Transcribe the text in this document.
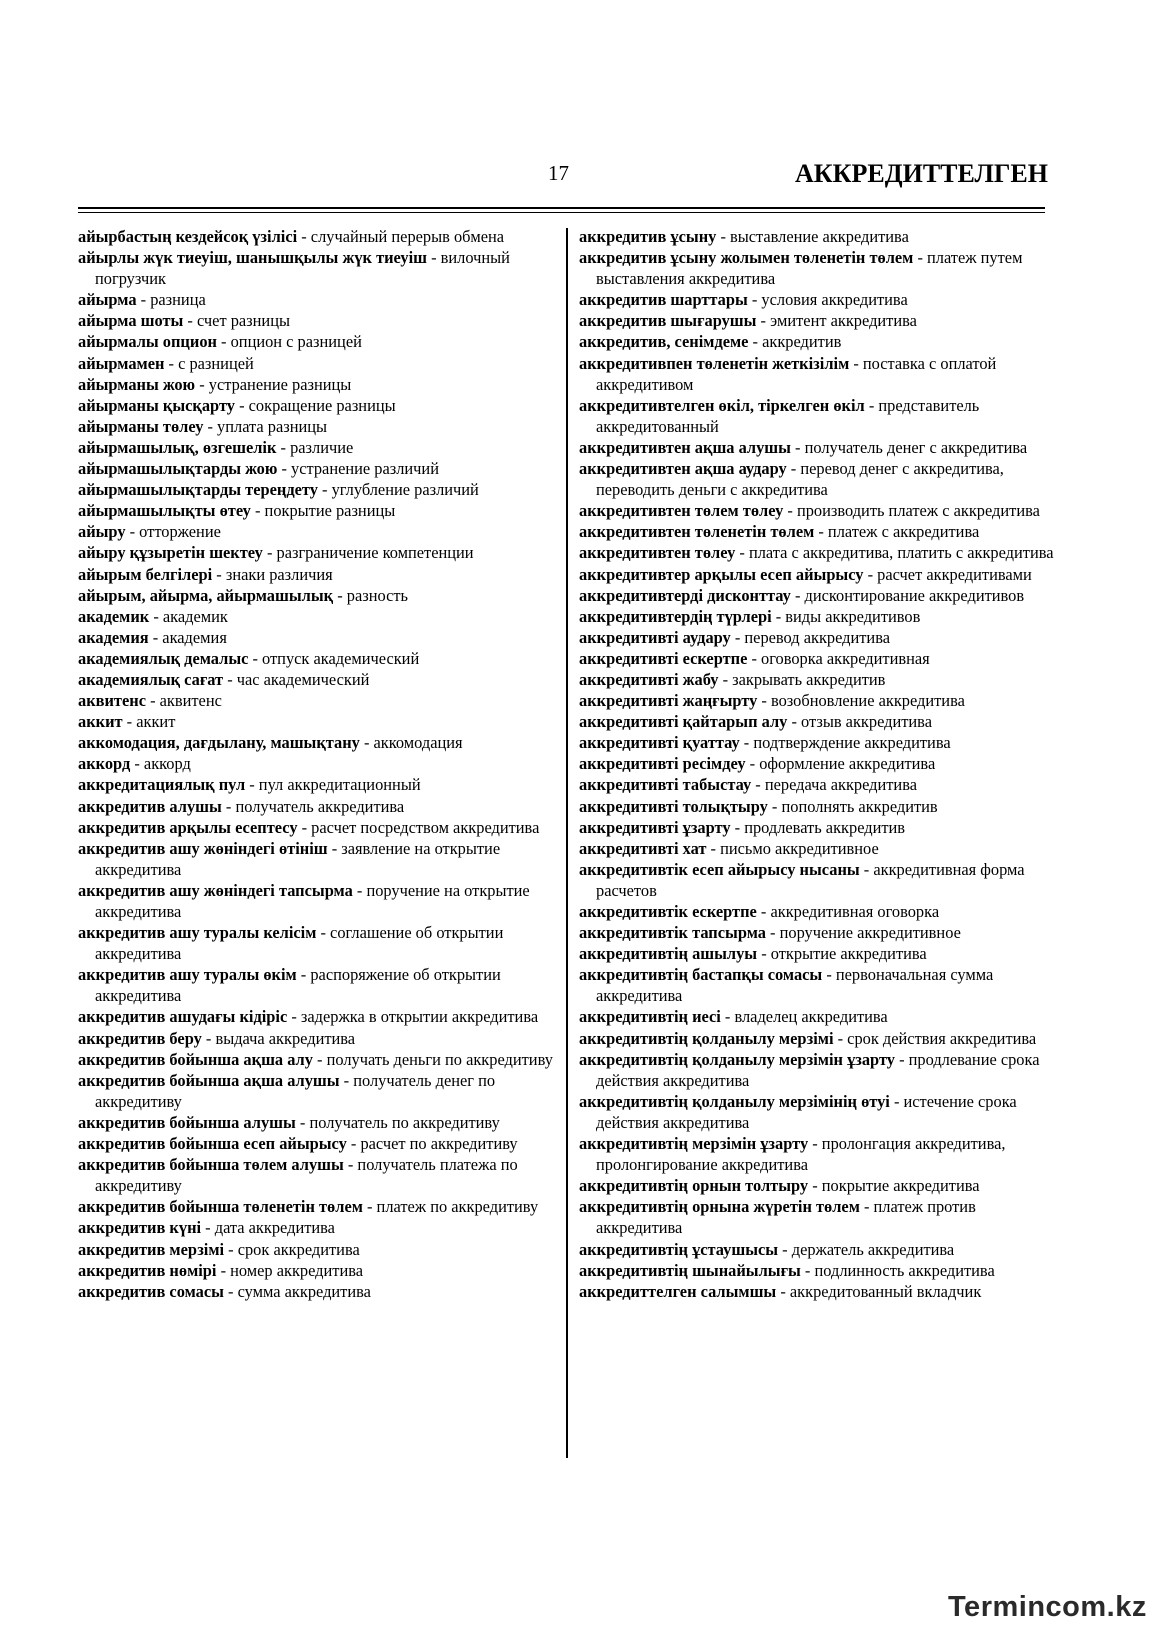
17	АККРЕДИТТЕЛГЕН

айырбастың кездейсоқ үзілісі - случайный перерыв обмена

айырлы жүк тиеуіш, шанышқылы жүк тиеуіш - вилочный погрузчик

айырма - разница

айырма шоты - счет разницы

айырмалы опцион - опцион с разницей

айырмамен - с разницей

айырманы жою - устранение разницы

айырманы қысқарту - сокращение разницы

айырманы төлеу - уплата разницы

айырмашылық, өзгешелік - различие

айырмашылықтарды жою - устранение различий

айырмашылықтарды тереңдету - углубление различий

айырмашылықты өтеу - покрытие разницы

айыру - отторжение

айыру құзыретін шектеу - разграничение компетенции

айырым белгілері - знаки различия

айырым, айырма, айырмашылық - разность

академик - академик

академия - академия

академиялық демалыс - отпуск академический

академиялық сағат - час академический

аквитенс - аквитенс

аккит - аккит

аккомодация, дағдылану, машықтану - аккомодация

аккорд - аккорд

аккредитациялық пул - пул аккредитационный

аккредитив алушы - получатель аккредитива

аккредитив арқылы есептесу - расчет посредством аккредитива

аккредитив ашу жөніндегі өтініш - заявление на открытие аккредитива

аккредитив ашу жөніндегі тапсырма - поручение на открытие аккредитива

аккредитив ашу туралы келісім - соглашение об открытии аккредитива

аккредитив ашу туралы өкім - распоряжение об открытии аккредитива

аккредитив ашудағы кідіріс - задержка в открытии аккредитива

аккредитив беру - выдача аккредитива

аккредитив бойынша ақша алу - получать деньги по аккредитиву

аккредитив бойынша ақша алушы - получатель денег по аккредитиву

аккредитив бойынша алушы - получатель по аккредитиву

аккредитив бойынша есеп айырысу - расчет по аккредитиву

аккредитив бойынша төлем алушы - получатель платежа по аккредитиву

аккредитив бойынша төленетін төлем - платеж по аккредитиву

аккредитив күні - дата аккредитива

аккредитив мерзімі - срок аккредитива

аккредитив нөмірі - номер аккредитива

аккредитив сомасы - сумма аккредитива

аккредитив ұсыну - выставление аккредитива

аккредитив ұсыну жолымен төленетін төлем - платеж путем выставления аккредитива

аккредитив шарттары - условия аккредитива

аккредитив шығарушы - эмитент аккредитива

аккредитив, сенімдеме - аккредитив

аккредитивпен төленетін жеткізілім - поставка с оплатой аккредитивом

аккредитивтелген өкіл, тіркелген өкіл - представитель аккредитованный

аккредитивтен ақша алушы - получатель денег с аккредитива

аккредитивтен ақша аудару - перевод денег с аккредитива, переводить деньги с аккредитива

аккредитивтен төлем төлеу - производить платеж с аккредитива

аккредитивтен төленетін төлем - платеж с аккредитива

аккредитивтен төлеу - плата с аккредитива, платить с аккредитива

аккредитивтер арқылы есеп айырысу - расчет аккредитивами

аккредитивтерді дисконттау - дисконтирование аккредитивов

аккредитивтердің түрлері - виды аккредитивов

аккредитивті аудару - перевод аккредитива

аккредитивті ескертпе - оговорка аккредитивная

аккредитивті жабу - закрывать аккредитив

аккредитивті жаңғырту - возобновление аккредитива

аккредитивті қайтарып алу - отзыв аккредитива

аккредитивті қуаттау - подтверждение аккредитива

аккредитивті ресімдеу - оформление аккредитива

аккредитивті табыстау - передача аккредитива

аккредитивті толықтыру - пополнять аккредитив

аккредитивті ұзарту - продлевать аккредитив

аккредитивті хат - письмо аккредитивное

аккредитивтік есеп айырысу нысаны - аккредитивная форма расчетов

аккредитивтік ескертпе - аккредитивная оговорка

аккредитивтік тапсырма - поручение аккредитивное

аккредитивтің ашылуы - открытие аккредитива

аккредитивтің бастапқы сомасы - первоначальная сумма аккредитива

аккредитивтің иесі - владелец аккредитива

аккредитивтің қолданылу мерзімі - срок действия аккредитива

аккредитивтің қолданылу мерзімін ұзарту - продлевание срока действия аккредитива

аккредитивтің қолданылу мерзімінің өтуі - истечение срока действия аккредитива

аккредитивтің мерзімін ұзарту - пролонгация аккредитива, пролонгирование аккредитива

аккредитивтің орнын толтыру - покрытие аккредитива

аккредитивтің орнына жүретін төлем - платеж против аккредитива

аккредитивтің ұстаушысы - держатель аккредитива

аккредитивтің шынайылығы - подлинность аккредитива

аккредиттелген салымшы - аккредитованный вкладчик

Termincom.kz
